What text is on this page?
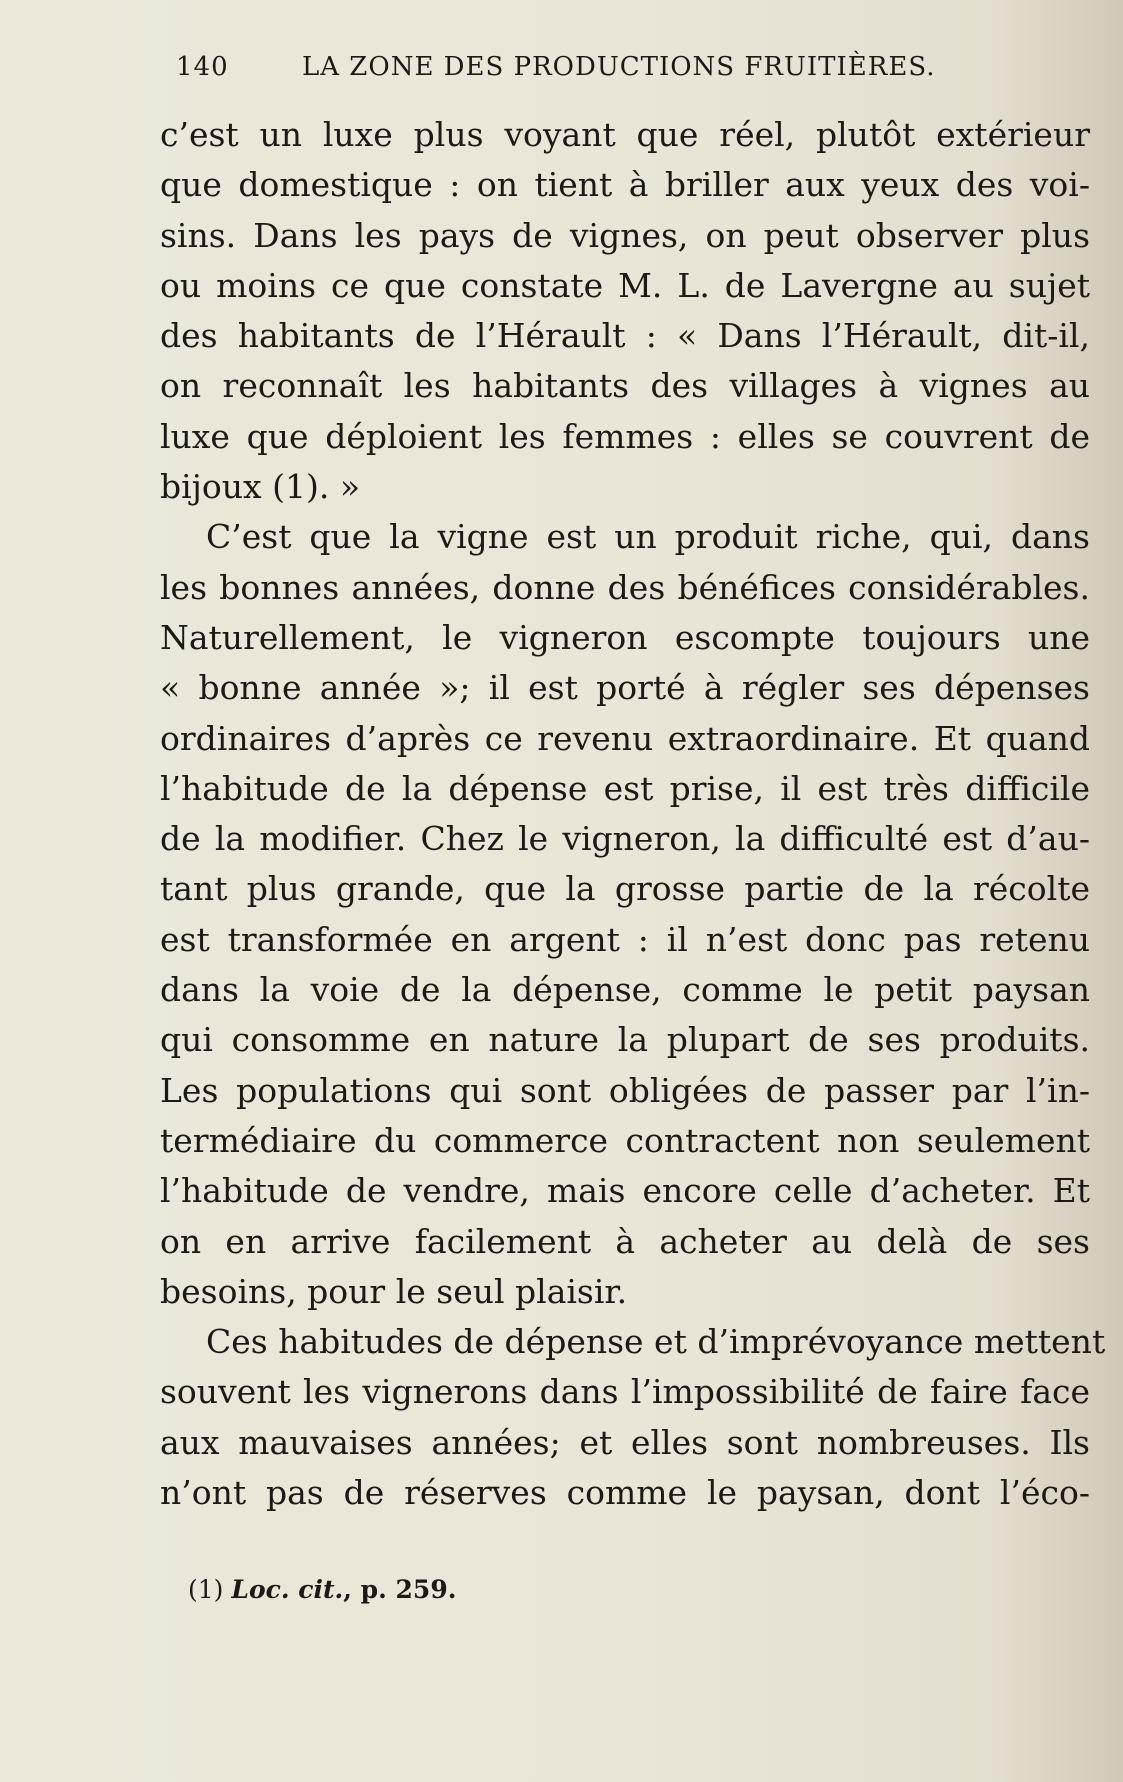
140	LA ZONE DES PRODUCTIONS FRUITIÈRES.

c’est un luxe plus voyant que réel, plutôt extérieur
que domestique : on tient à briller aux yeux des voi-
sins. Dans les pays de vignes, on peut observer plus
ou moins ce que constate M. L. de Lavergne au sujet
des habitants de l’Hérault : « Dans l’Hérault, dit-il,
on reconnaît les habitants des villages à vignes au
luxe que déploient les femmes : elles se couvrent de
bijoux (1). »

C’est que la vigne est un produit riche, qui, dans
les bonnes années, donne des bénéfices considérables.
Naturellement, le vigneron escompte toujours une
« bonne année »; il est porté à régler ses dépenses
ordinaires d’après ce revenu extraordinaire. Et quand
l’habitude de la dépense est prise, il est très difficile
de la modifier. Chez le vigneron, la difficulté est d’au-
tant plus grande, que la grosse partie de la récolte
est transformée en argent : il n’est donc pas retenu
dans la voie de la dépense, comme le petit paysan
qui consomme en nature la plupart de ses produits.
Les populations qui sont obligées de passer par l’in-
termédiaire du commerce contractent non seulement
l’habitude de vendre, mais encore celle d’acheter. Et
on en arrive facilement à acheter au delà de ses
besoins, pour le seul plaisir.

Ces habitudes de dépense et d’imprévoyance mettent
souvent les vignerons dans l’impossibilité de faire face
aux mauvaises années; et elles sont nombreuses. Ils
n’ont pas de réserves comme le paysan, dont l’éco-

(1) Loc. cit., p. 259.
